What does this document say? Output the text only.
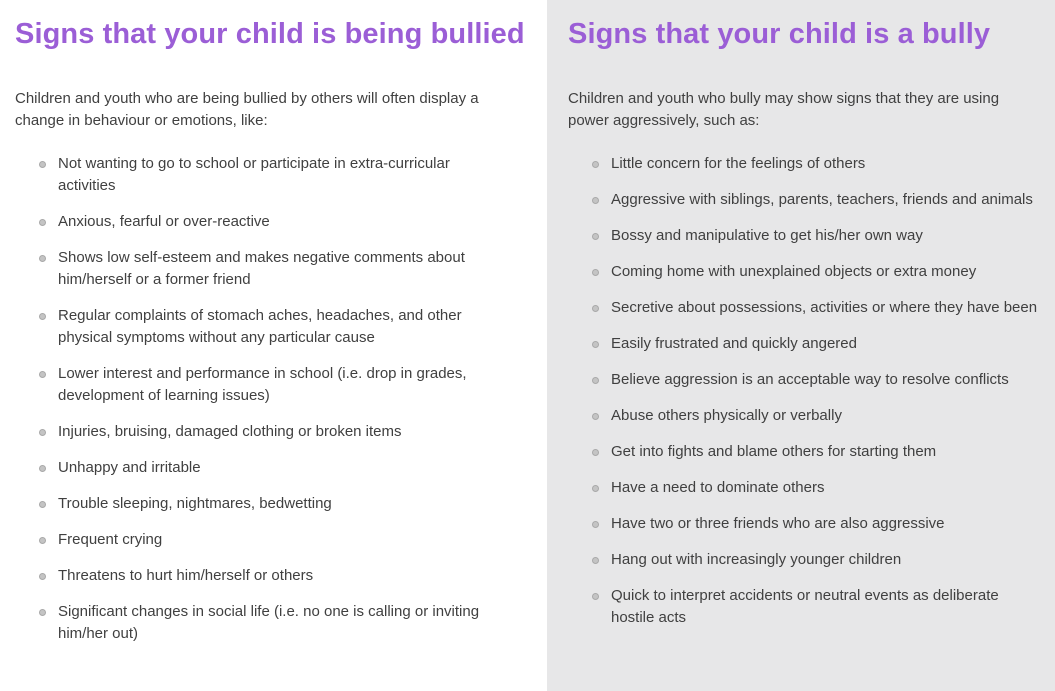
Signs that your child is being bullied

Children and youth who are being bullied by others will often display a change in behaviour or emotions, like:

Not wanting to go to school or participate in extra-curricular activities
Anxious, fearful or over-reactive
Shows low self-esteem and makes negative comments about him/herself or a former friend
Regular complaints of stomach aches, headaches, and other physical symptoms without any particular cause
Lower interest and performance in school (i.e. drop in grades, development of learning issues)
Injuries, bruising, damaged clothing or broken items
Unhappy and irritable
Trouble sleeping, nightmares, bedwetting
Frequent crying
Threatens to hurt him/herself or others
Significant changes in social life (i.e. no one is calling or inviting him/her out)
Signs that your child is a bully

Children and youth who bully may show signs that they are using power aggressively, such as:

Little concern for the feelings of others
Aggressive with siblings, parents, teachers, friends and animals
Bossy and manipulative to get his/her own way
Coming home with unexplained objects or extra money
Secretive about possessions, activities or where they have been
Easily frustrated and quickly angered
Believe aggression is an acceptable way to resolve conflicts
Abuse others physically or verbally
Get into fights and blame others for starting them
Have a need to dominate others
Have two or three friends who are also aggressive
Hang out with increasingly younger children
Quick to interpret accidents or neutral events as deliberate hostile acts
